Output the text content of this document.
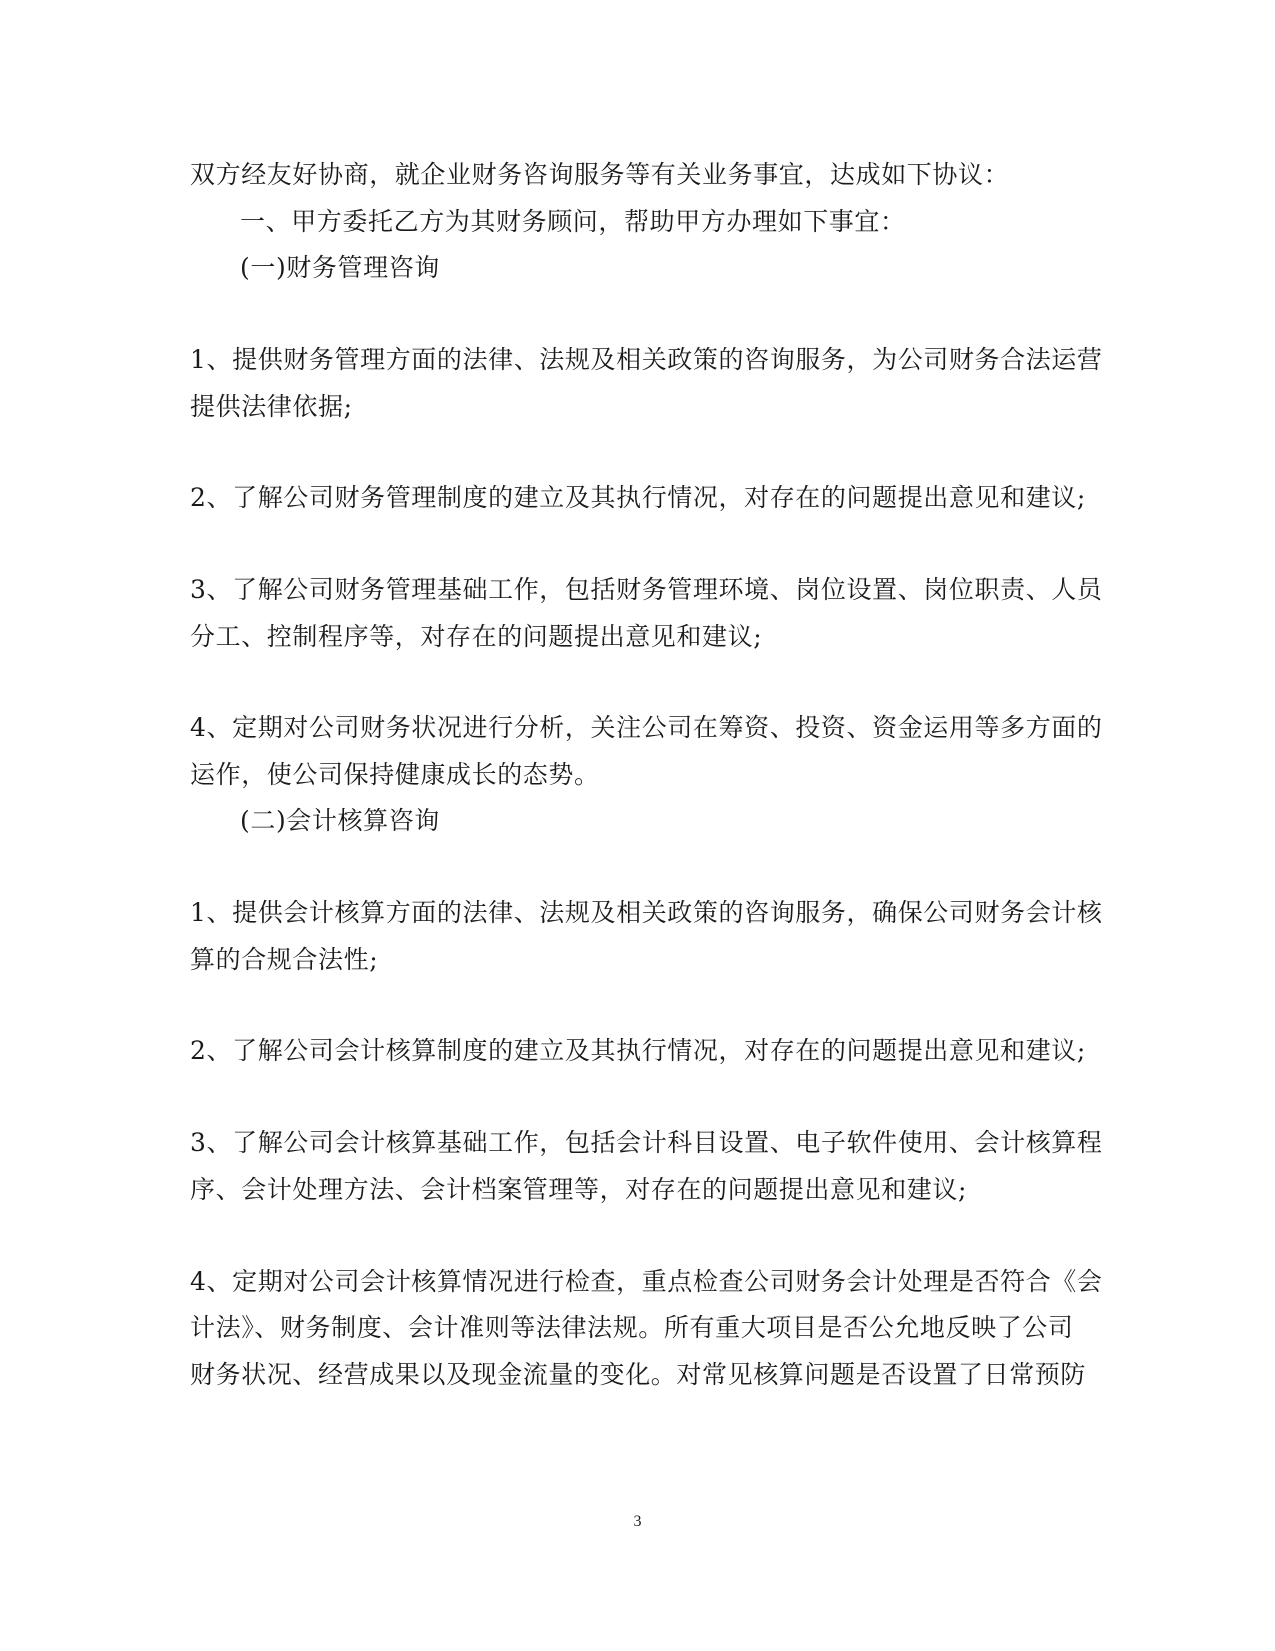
双方经友好协商，就企业财务咨询服务等有关业务事宜，达成如下协议：
一、甲方委托乙方为其财务顾问，帮助甲方办理如下事宜：
(一)财务管理咨询
1、提供财务管理方面的法律、法规及相关政策的咨询服务，为公司财务合法运营
提供法律依据;
2、了解公司财务管理制度的建立及其执行情况，对存在的问题提出意见和建议;
3、了解公司财务管理基础工作，包括财务管理环境、岗位设置、岗位职责、人员
分工、控制程序等，对存在的问题提出意见和建议;
4、定期对公司财务状况进行分析，关注公司在筹资、投资、资金运用等多方面的
运作，使公司保持健康成长的态势。
(二)会计核算咨询
1、提供会计核算方面的法律、法规及相关政策的咨询服务，确保公司财务会计核
算的合规合法性;
2、了解公司会计核算制度的建立及其执行情况，对存在的问题提出意见和建议;
3、了解公司会计核算基础工作，包括会计科目设置、电子软件使用、会计核算程
序、会计处理方法、会计档案管理等，对存在的问题提出意见和建议;
4、定期对公司会计核算情况进行检查，重点检查公司财务会计处理是否符合《会
计法》、财务制度、会计准则等法律法规。所有重大项目是否公允地反映了公司
财务状况、经营成果以及现金流量的变化。对常见核算问题是否设置了日常预防
3
